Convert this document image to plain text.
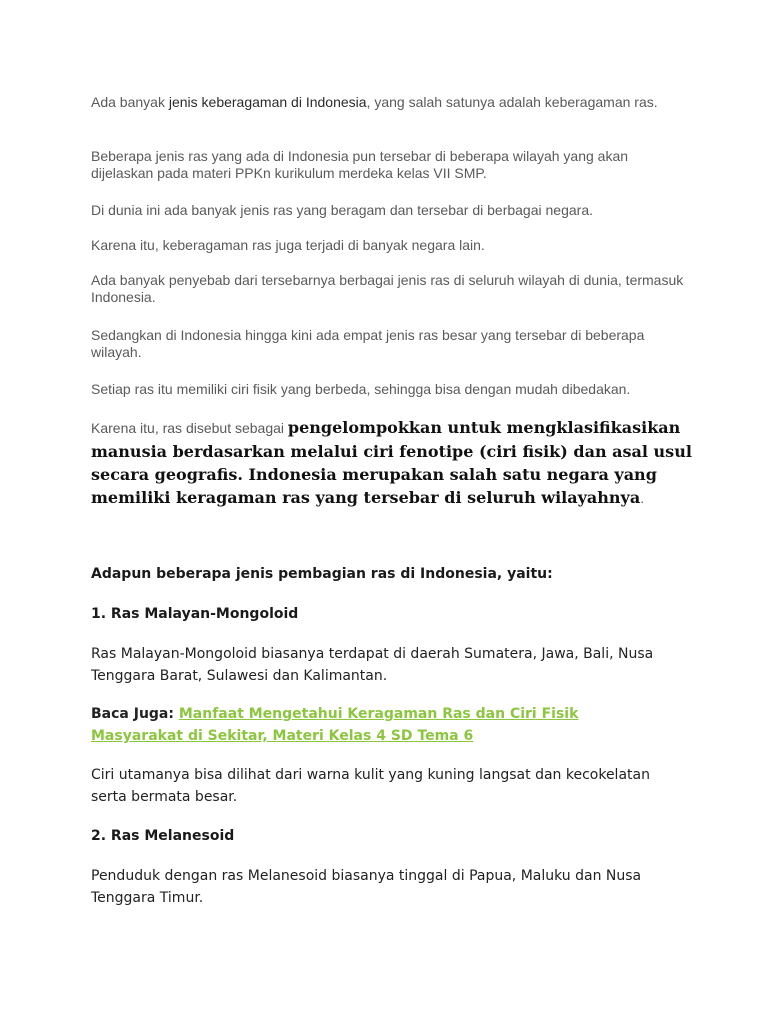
Ada banyak jenis keberagaman di Indonesia, yang salah satunya adalah keberagaman ras.

Beberapa jenis ras yang ada di Indonesia pun tersebar di beberapa wilayah yang akan dijelaskan pada materi PPKn kurikulum merdeka kelas VII SMP.

Di dunia ini ada banyak jenis ras yang beragam dan tersebar di berbagai negara.

Karena itu, keberagaman ras juga terjadi di banyak negara lain.

Ada banyak penyebab dari tersebarnya berbagai jenis ras di seluruh wilayah di dunia, termasuk Indonesia.

Sedangkan di Indonesia hingga kini ada empat jenis ras besar yang tersebar di beberapa wilayah.

Setiap ras itu memiliki ciri fisik yang berbeda, sehingga bisa dengan mudah dibedakan.

Karena itu, ras disebut sebagai pengelompokkan untuk mengklasifikasikan manusia berdasarkan melalui ciri fenotipe (ciri fisik) dan asal usul secara geografis. Indonesia merupakan salah satu negara yang memiliki keragaman ras yang tersebar di seluruh wilayahnya.

Adapun beberapa jenis pembagian ras di Indonesia, yaitu:

1. Ras Malayan-Mongoloid

Ras Malayan-Mongoloid biasanya terdapat di daerah Sumatera, Jawa, Bali, Nusa Tenggara Barat, Sulawesi dan Kalimantan.

Baca Juga: Manfaat Mengetahui Keragaman Ras dan Ciri Fisik Masyarakat di Sekitar, Materi Kelas 4 SD Tema 6

Ciri utamanya bisa dilihat dari warna kulit yang kuning langsat dan kecokelatan serta bermata besar.

2. Ras Melanesoid

Penduduk dengan ras Melanesoid biasanya tinggal di Papua, Maluku dan Nusa Tenggara Timur.
